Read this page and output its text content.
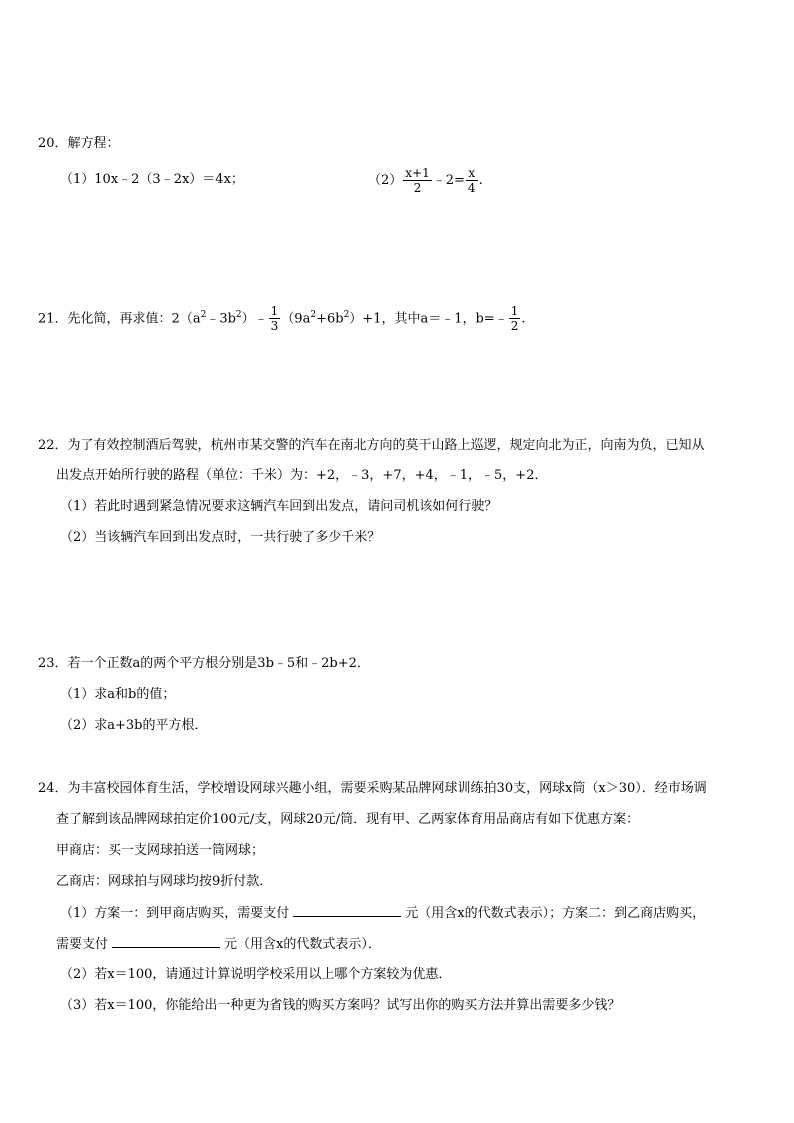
20．解方程：
（1）10x﹣2（3﹣2x）＝4x；	$(2) \frac{x+1}{2}$ ﹣2= $\frac{x}{4}$ .
21．先化简，再求值：$2(a^2﹣3b^2)﹣ \frac{1}{3} (9a^2+6b^2)+1$，其中a＝﹣1，b=﹣ $\frac{1}{2}$ .
22．为了有效控制酒后驾驶，杭州市某交警的汽车在南北方向的莫干山路上巡逻，规定向北为正，向南为负，已知从
出发点开始所行驶的路程（单位：千米）为：+2，﹣3，+7，+4，﹣1，﹣5，+2．
（1）若此时遇到紧急情况要求这辆汽车回到出发点，请问司机该如何行驶？
（2）当该辆汽车回到出发点时，一共行驶了多少千米？
23．若一个正数a的两个平方根分别是3b﹣5和﹣2b+2．
（1）求a和b的值；
（2）求a+3b的平方根．
24．为丰富校园体育生活，学校增设网球兴趣小组，需要采购某品牌网球训练拍30支，网球x筒（x＞30）．经市场调
查了解到该品牌网球拍定价100元/支，网球20元/筒．现有甲、乙两家体育用品商店有如下优惠方案：
甲商店：买一支网球拍送一筒网球；
乙商店：网球拍与网球均按9折付款．
（1）方案一：到甲商店购买，需要支付	元（用含x的代数式表示）；方案二：到乙商店购买，
需要支付	元（用含x的代数式表示）．
（2）若x＝100，请通过计算说明学校采用以上哪个方案较为优惠．
（3）若x＝100，你能给出一种更为省钱的购买方案吗？试写出你的购买方法并算出需要多少钱？
